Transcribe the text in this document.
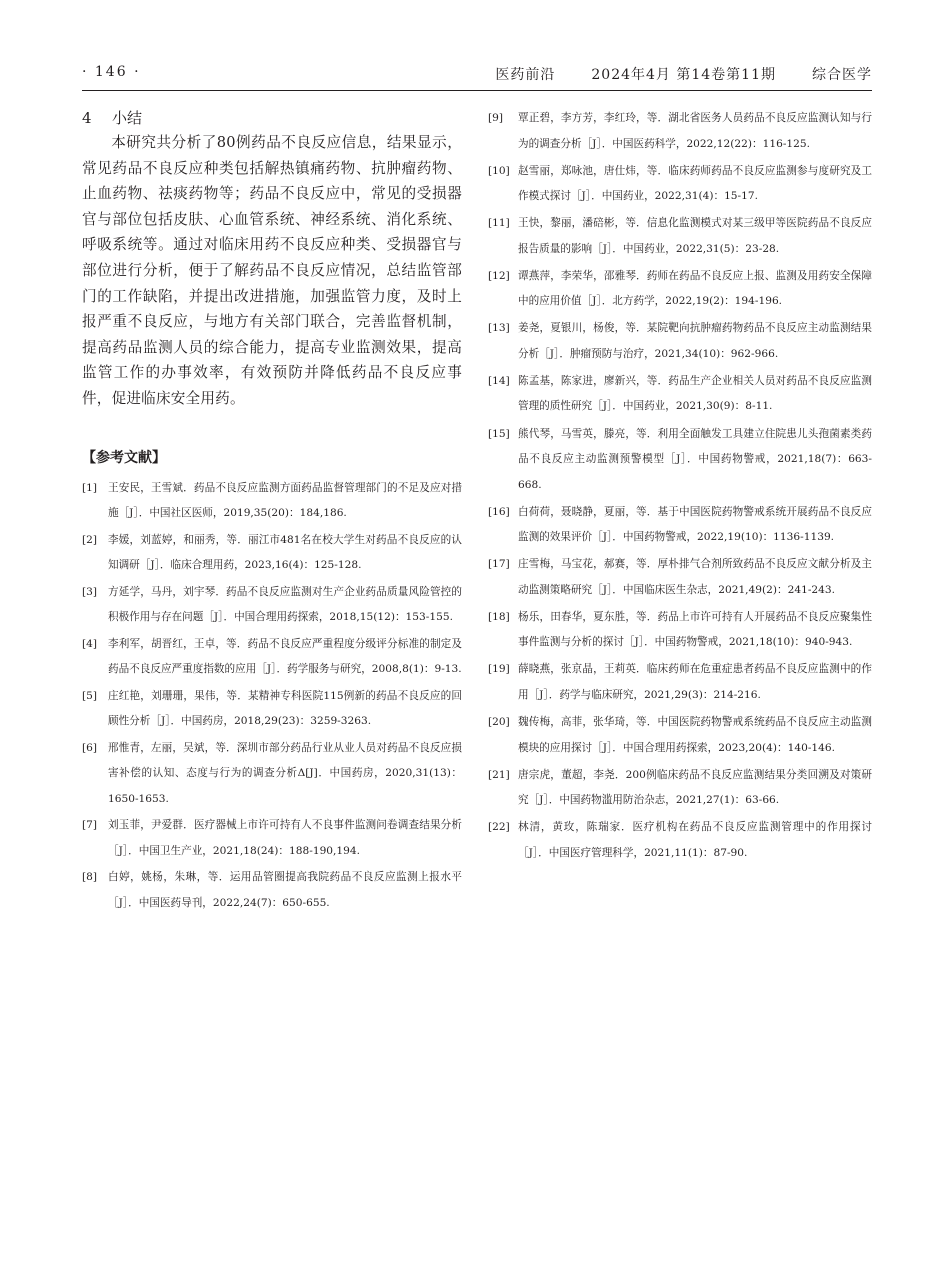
· 146 ·	医药前沿	2024年4月 第14卷第11期	综合医学
4 小结

本研究共分析了80例药品不良反应信息，结果显示，常见药品不良反应种类包括解热镇痛药物、抗肿瘤药物、止血药物、祛痰药物等；药品不良反应中，常见的受损器官与部位包括皮肤、心血管系统、神经系统、消化系统、呼吸系统等。通过对临床用药不良反应种类、受损器官与部位进行分析，便于了解药品不良反应情况，总结监管部门的工作缺陷，并提出改进措施，加强监管力度，及时上报严重不良反应，与地方有关部门联合，完善监督机制，提高药品监测人员的综合能力，提高专业监测效果，提高监管工作的办事效率，有效预防并降低药品不良反应事件，促进临床安全用药。

【参考文献】
[1]	王安民，王雪斌．药品不良反应监测方面药品监督管理部门的不足及应对措施［J］．中国社区医师，2019,35(20)：184,186.
[2]	李媛，刘蓝婷，和丽秀，等．丽江市481名在校大学生对药品不良反应的认知调研［J］．临床合理用药，2023,16(4)：125-128.
[3]	方延学，马丹，刘宇琴．药品不良反应监测对生产企业药品质量风险管控的积极作用与存在问题［J］．中国合理用药探索，2018,15(12)：153-155.
[4]	李利军，胡晋红，王卓，等．药品不良反应严重程度分级评分标准的制定及药品不良反应严重度指数的应用［J］．药学服务与研究，2008,8(1)：9-13.
[5]	庄红艳，刘珊珊，果伟，等．某精神专科医院115例新的药品不良反应的回顾性分析［J］．中国药房，2018,29(23)：3259-3263.
[6]	邢惟青，左丽，吴斌，等．深圳市部分药品行业从业人员对药品不良反应损害补偿的认知、态度与行为的调查分析Δ[J]．中国药房，2020,31(13)：1650-1653.
[7]	刘玉菲，尹爱群．医疗器械上市许可持有人不良事件监测问卷调查结果分析［J］．中国卫生产业，2021,18(24)：188-190,194.
[8]	白婷，姚杨，朱琳，等．运用品管圈提高我院药品不良反应监测上报水平［J］．中国医药导刊，2022,24(7)：650-655.
[9]	覃正碧，李方芳，李红玲，等．湖北省医务人员药品不良反应监测认知与行为的调查分析［J］．中国医药科学，2022,12(22)：116-125.
[10] 赵雪丽，郑咏池，唐仕炜，等．临床药师药品不良反应监测参与度研究及工作模式探讨［J］．中国药业，2022,31(4)：15-17.
[11] 王快，黎丽，潘碚彬，等．信息化监测模式对某三级甲等医院药品不良反应报告质量的影响［J］．中国药业，2022,31(5)：23-28.
[12] 谭燕萍，李荣华，邵雅琴．药师在药品不良反应上报、监测及用药安全保障中的应用价值［J］．北方药学，2022,19(2)：194-196.
[13] 姜尧，夏银川，杨俊，等．某院靶向抗肿瘤药物药品不良反应主动监测结果分析［J］．肿瘤预防与治疗，2021,34(10)：962-966.
[14] 陈孟基，陈家进，廖新兴，等．药品生产企业相关人员对药品不良反应监测管理的质性研究［J］．中国药业，2021,30(9)：8-11.
[15] 熊代琴，马雪英，滕亮，等．利用全面触发工具建立住院患儿头孢菌素类药品不良反应主动监测预警模型［J］．中国药物警戒，2021,18(7)：663-668.
[16] 白荷荷，聂晓静，夏丽，等．基于中国医院药物警戒系统开展药品不良反应监测的效果评价［J］．中国药物警戒，2022,19(10)：1136-1139.
[17] 庄雪梅，马宝花，郝赛，等．厚朴排气合剂所致药品不良反应文献分析及主动监测策略研究［J］．中国临床医生杂志，2021,49(2)：241-243.
[18] 杨乐，田春华，夏东胜，等．药品上市许可持有人开展药品不良反应聚集性事件监测与分析的探讨［J］．中国药物警戒，2021,18(10)：940-943.
[19] 薛晓燕，张京晶，王莉英．临床药师在危重症患者药品不良反应监测中的作用［J］．药学与临床研究，2021,29(3)：214-216.
[20] 魏传梅，高菲，张华琦，等．中国医院药物警戒系统药品不良反应主动监测模块的应用探讨［J］．中国合理用药探索，2023,20(4)：140-146.
[21] 唐宗虎，董超，李尧．200例临床药品不良反应监测结果分类回溯及对策研究［J］．中国药物滥用防治杂志，2021,27(1)：63-66.
[22] 林清，黄玫，陈瑞家．医疗机构在药品不良反应监测管理中的作用探讨［J］．中国医疗管理科学，2021,11(1)：87-90.
